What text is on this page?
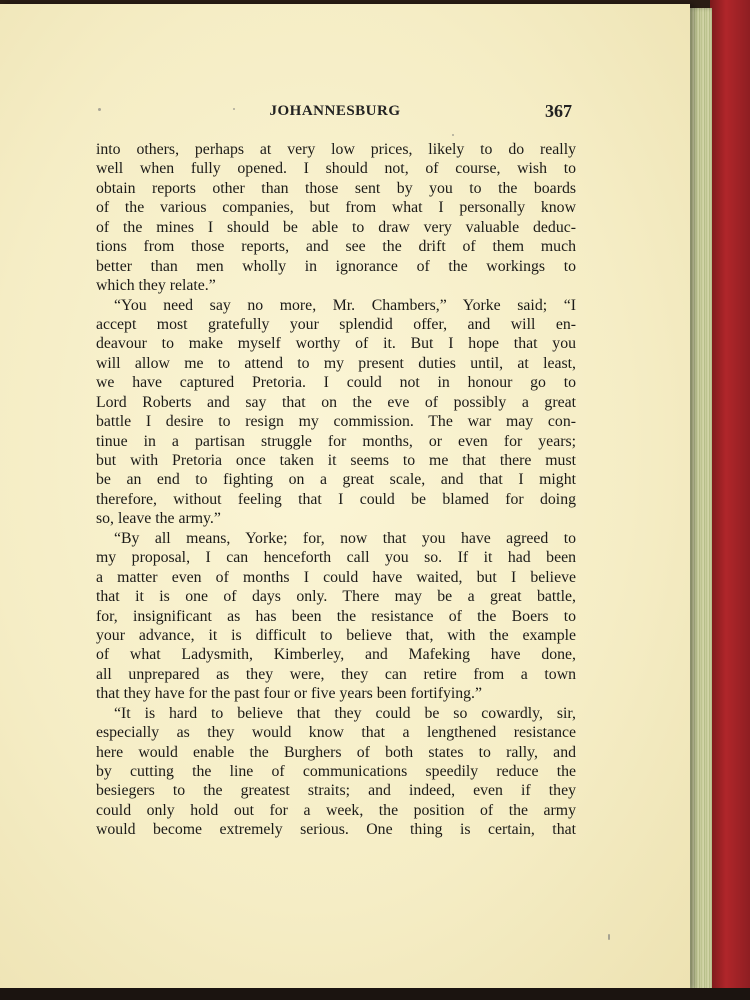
JOHANNESBURG	367
into others, perhaps at very low prices, likely to do really
well when fully opened. I should not, of course, wish to
obtain reports other than those sent by you to the boards
of the various companies, but from what I personally know
of the mines I should be able to draw very valuable deduc-
tions from those reports, and see the drift of them much
better than men wholly in ignorance of the workings to
which they relate.”
“You need say no more, Mr. Chambers,” Yorke said; “I
accept most gratefully your splendid offer, and will en-
deavour to make myself worthy of it. But I hope that you
will allow me to attend to my present duties until, at least,
we have captured Pretoria. I could not in honour go to
Lord Roberts and say that on the eve of possibly a great
battle I desire to resign my commission. The war may con-
tinue in a partisan struggle for months, or even for years;
but with Pretoria once taken it seems to me that there must
be an end to fighting on a great scale, and that I might
therefore, without feeling that I could be blamed for doing
so, leave the army.”
“By all means, Yorke; for, now that you have agreed to
my proposal, I can henceforth call you so. If it had been
a matter even of months I could have waited, but I believe
that it is one of days only. There may be a great battle,
for, insignificant as has been the resistance of the Boers to
your advance, it is difficult to believe that, with the example
of what Ladysmith, Kimberley, and Mafeking have done,
all unprepared as they were, they can retire from a town
that they have for the past four or five years been fortifying.”
“It is hard to believe that they could be so cowardly, sir,
especially as they would know that a lengthened resistance
here would enable the Burghers of both states to rally, and
by cutting the line of communications speedily reduce the
besiegers to the greatest straits; and indeed, even if they
could only hold out for a week, the position of the army
would become extremely serious. One thing is certain, that
